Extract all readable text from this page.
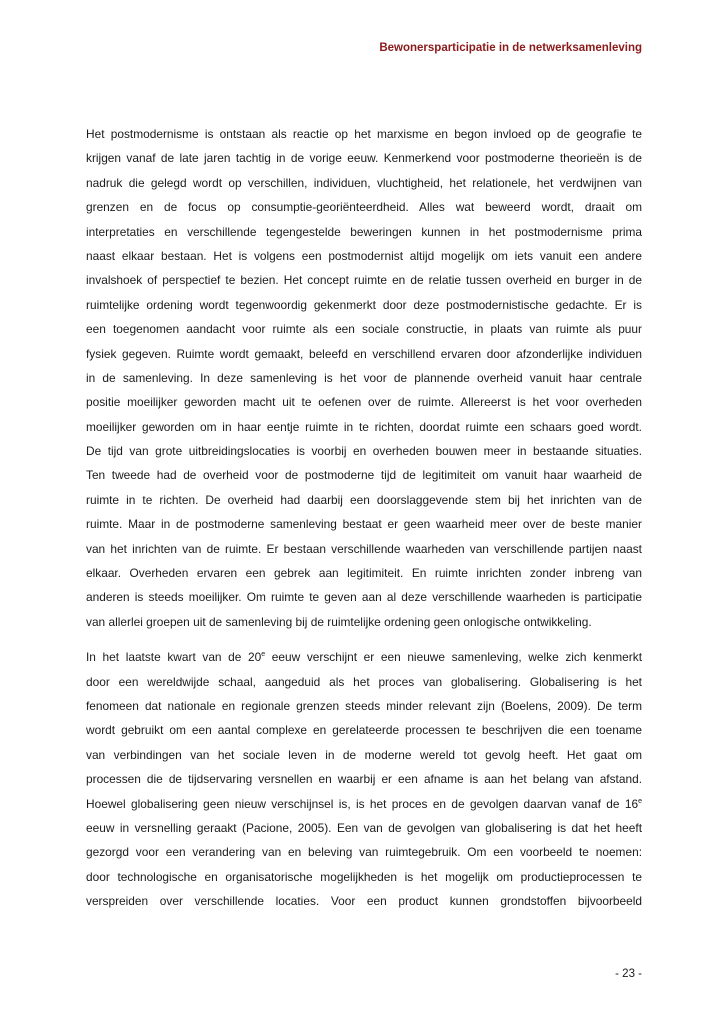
Bewonersparticipatie in de netwerksamenleving
Het postmodernisme is ontstaan als reactie op het marxisme en begon invloed op de geografie te
krijgen vanaf de late jaren tachtig in de vorige eeuw. Kenmerkend voor postmoderne theorieën is de
nadruk die gelegd wordt op verschillen, individuen, vluchtigheid, het relationele, het verdwijnen van
grenzen en de focus op consumptie-georiënteerdheid. Alles wat beweerd wordt, draait om
interpretaties en verschillende tegengestelde beweringen kunnen in het postmodernisme prima
naast elkaar bestaan. Het is volgens een postmodernist altijd mogelijk om iets vanuit een andere
invalshoek of perspectief te bezien. Het concept ruimte en de relatie tussen overheid en burger in de
ruimtelijke ordening wordt tegenwoordig gekenmerkt door deze postmodernistische gedachte. Er is
een toegenomen aandacht voor ruimte als een sociale constructie, in plaats van ruimte als puur
fysiek gegeven. Ruimte wordt gemaakt, beleefd en verschillend ervaren door afzonderlijke individuen
in de samenleving. In deze samenleving is het voor de plannende overheid vanuit haar centrale
positie moeilijker geworden macht uit te oefenen over de ruimte. Allereerst is het voor overheden
moeilijker geworden om in haar eentje ruimte in te richten, doordat ruimte een schaars goed wordt.
De tijd van grote uitbreidingslocaties is voorbij en overheden bouwen meer in bestaande situaties.
Ten tweede had de overheid voor de postmoderne tijd de legitimiteit om vanuit haar waarheid de
ruimte in te richten. De overheid had daarbij een doorslaggevende stem bij het inrichten van de
ruimte. Maar in de postmoderne samenleving bestaat er geen waarheid meer over de beste manier
van het inrichten van de ruimte. Er bestaan verschillende waarheden van verschillende partijen naast
elkaar. Overheden ervaren een gebrek aan legitimiteit. En ruimte inrichten zonder inbreng van
anderen is steeds moeilijker. Om ruimte te geven aan al deze verschillende waarheden is participatie
van allerlei groepen uit de samenleving bij de ruimtelijke ordening geen onlogische ontwikkeling.
In het laatste kwart van de 20e eeuw verschijnt er een nieuwe samenleving, welke zich kenmerkt
door een wereldwijde schaal, aangeduid als het proces van globalisering. Globalisering is het
fenomeen dat nationale en regionale grenzen steeds minder relevant zijn (Boelens, 2009). De term
wordt gebruikt om een aantal complexe en gerelateerde processen te beschrijven die een toename
van verbindingen van het sociale leven in de moderne wereld tot gevolg heeft. Het gaat om
processen die de tijdservaring versnellen en waarbij er een afname is aan het belang van afstand.
Hoewel globalisering geen nieuw verschijnsel is, is het proces en de gevolgen daarvan vanaf de 16e
eeuw in versnelling geraakt (Pacione, 2005). Een van de gevolgen van globalisering is dat het heeft
gezorgd voor een verandering van en beleving van ruimtegebruik. Om een voorbeeld te noemen:
door technologische en organisatorische mogelijkheden is het mogelijk om productieprocessen te
verspreiden over verschillende locaties. Voor een product kunnen grondstoffen bijvoorbeeld
- 23 -
